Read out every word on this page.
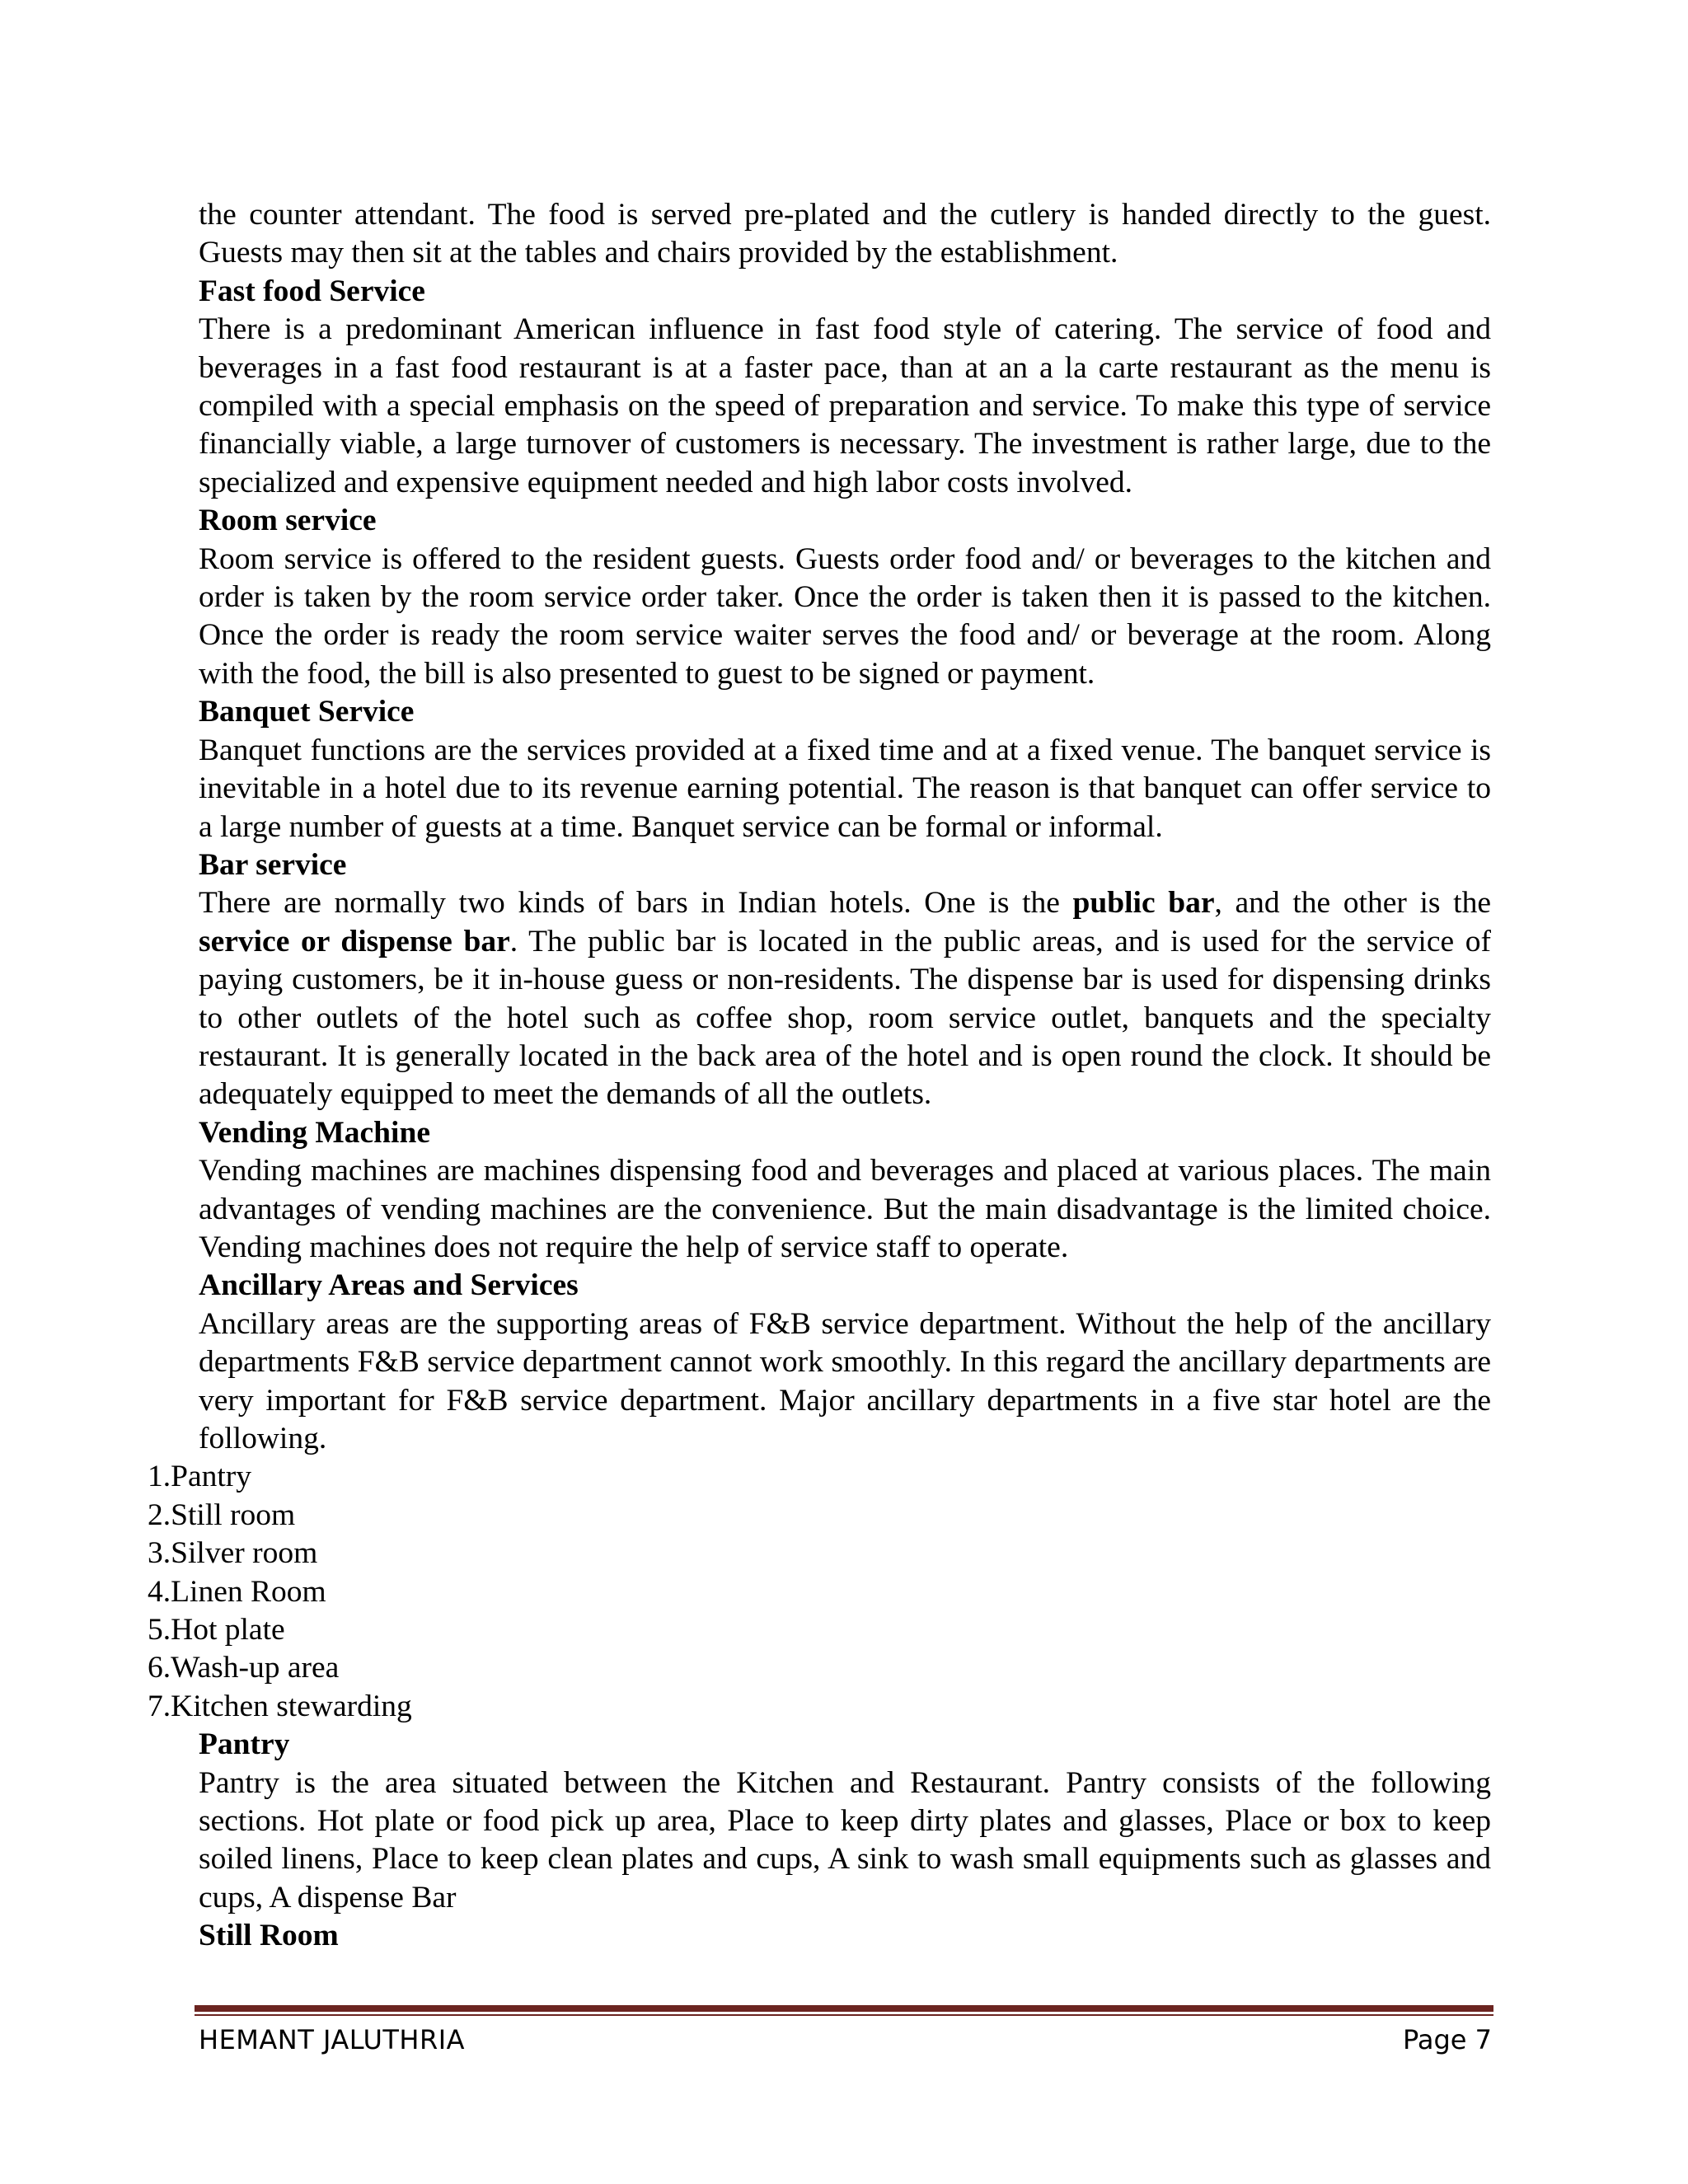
the counter attendant. The food is served pre-plated and the cutlery is handed directly to the guest. Guests may then sit at the tables and chairs provided by the establishment.

Fast food Service

There is a predominant American influence in fast food style of catering. The service of food and beverages in a fast food restaurant is at a faster pace, than at an a la carte restaurant as the menu is compiled with a special emphasis on the speed of preparation and service. To make this type of service financially viable, a large turnover of customers is necessary. The investment is rather large, due to the specialized and expensive equipment needed and high labor costs involved.

Room service

Room service is offered to the resident guests. Guests order food and/ or beverages to the kitchen and order is taken by the room service order taker. Once the order is taken then it is passed to the kitchen. Once the order is ready the room service waiter serves the food and/ or beverage at the room. Along with the food, the bill is also presented to guest to be signed or payment.

Banquet Service

Banquet functions are the services provided at a fixed time and at a fixed venue. The banquet service is inevitable in a hotel due to its revenue earning potential. The reason is that banquet can offer service to a large number of guests at a time. Banquet service can be formal or informal.

Bar service

There are normally two kinds of bars in Indian hotels. One is the public bar, and the other is the service or dispense bar. The public bar is located in the public areas, and is used for the service of paying customers, be it in-house guess or non-residents. The dispense bar is used for dispensing drinks to other outlets of the hotel such as coffee shop, room service outlet, banquets and the specialty restaurant. It is generally located in the back area of the hotel and is open round the clock. It should be adequately equipped to meet the demands of all the outlets.

Vending Machine

Vending machines are machines dispensing food and beverages and placed at various places. The main advantages of vending machines are the convenience. But the main disadvantage is the limited choice. Vending machines does not require the help of service staff to operate.

Ancillary Areas and Services

Ancillary areas are the supporting areas of F&B service department. Without the help of the ancillary departments F&B service department cannot work smoothly. In this regard the ancillary departments are very important for F&B service department. Major ancillary departments in a five star hotel are the following.

1.Pantry
2.Still room
3.Silver room
4.Linen Room
5.Hot plate
6.Wash-up area
7.Kitchen stewarding

Pantry

Pantry is the area situated between the Kitchen and Restaurant. Pantry consists of the following sections. Hot plate or food pick up area, Place to keep dirty plates and glasses, Place or box to keep soiled linens, Place to keep clean plates and cups, A sink to wash small equipments such as glasses and cups, A dispense Bar

Still Room

HEMANT JALUTHRIA	Page 7
